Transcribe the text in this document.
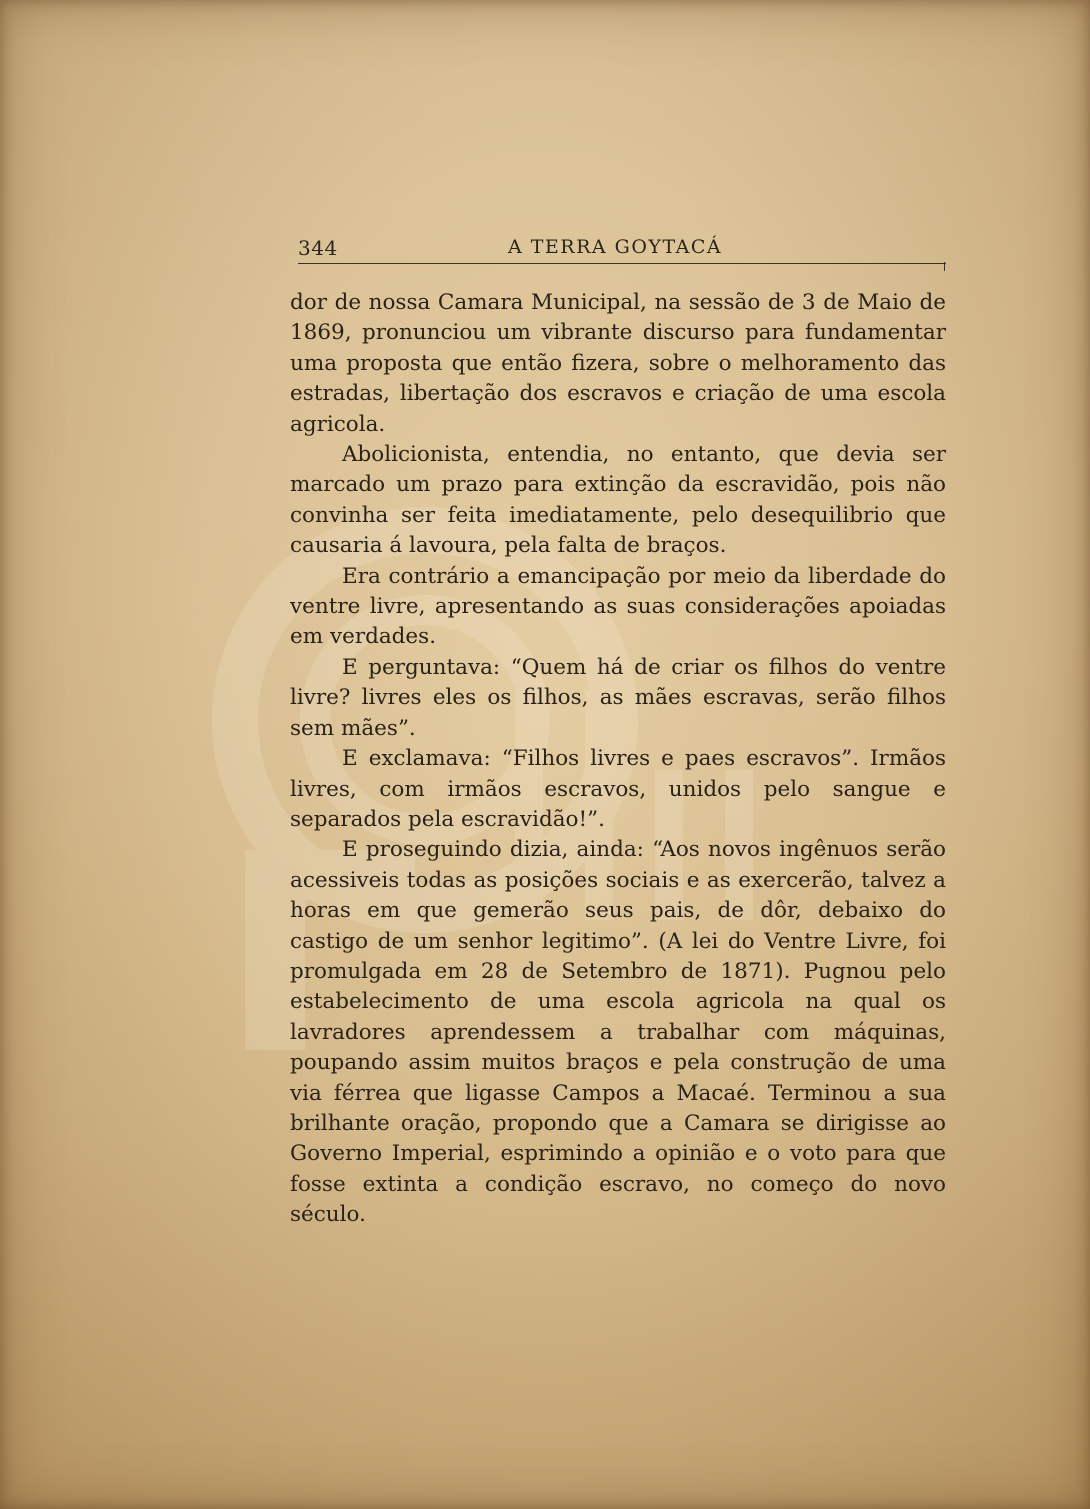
344	A TERRA GOYTACÁ

dor de nossa Camara Municipal, na sessão de 3 de Maio de 1869, pronunciou um vibrante discurso para fundamentar uma proposta que então fizera, sobre o melhoramento das estradas, libertação dos escravos e criação de uma escola agricola.

Abolicionista, entendia, no entanto, que devia ser marcado um prazo para extinção da escravidão, pois não convinha ser feita imediatamente, pelo desequilibrio que causaria á lavoura, pela falta de braços.

Era contrário a emancipação por meio da liberdade do ventre livre, apresentando as suas considerações apoiadas em verdades.

E perguntava: “Quem há de criar os filhos do ventre livre? livres eles os filhos, as mães escravas, serão filhos sem mães”.

E exclamava: “Filhos livres e paes escravos”. Irmãos livres, com irmãos escravos, unidos pelo sangue e separados pela escravidão!”.

E proseguindo dizia, ainda: “Aos novos ingênuos serão acessiveis todas as posições sociais e as exercerão, talvez a horas em que gemerão seus pais, de dôr, debaixo do castigo de um senhor legitimo”. (A lei do Ventre Livre, foi promulgada em 28 de Setembro de 1871). Pugnou pelo estabelecimento de uma escola agricola na qual os lavradores aprendessem a trabalhar com máquinas, poupando assim muitos braços e pela construção de uma via férrea que ligasse Campos a Macaé. Terminou a sua brilhante oração, propondo que a Camara se dirigisse ao Governo Imperial, esprimindo a opinião e o voto para que fosse extinta a condição escravo, no começo do novo século.
